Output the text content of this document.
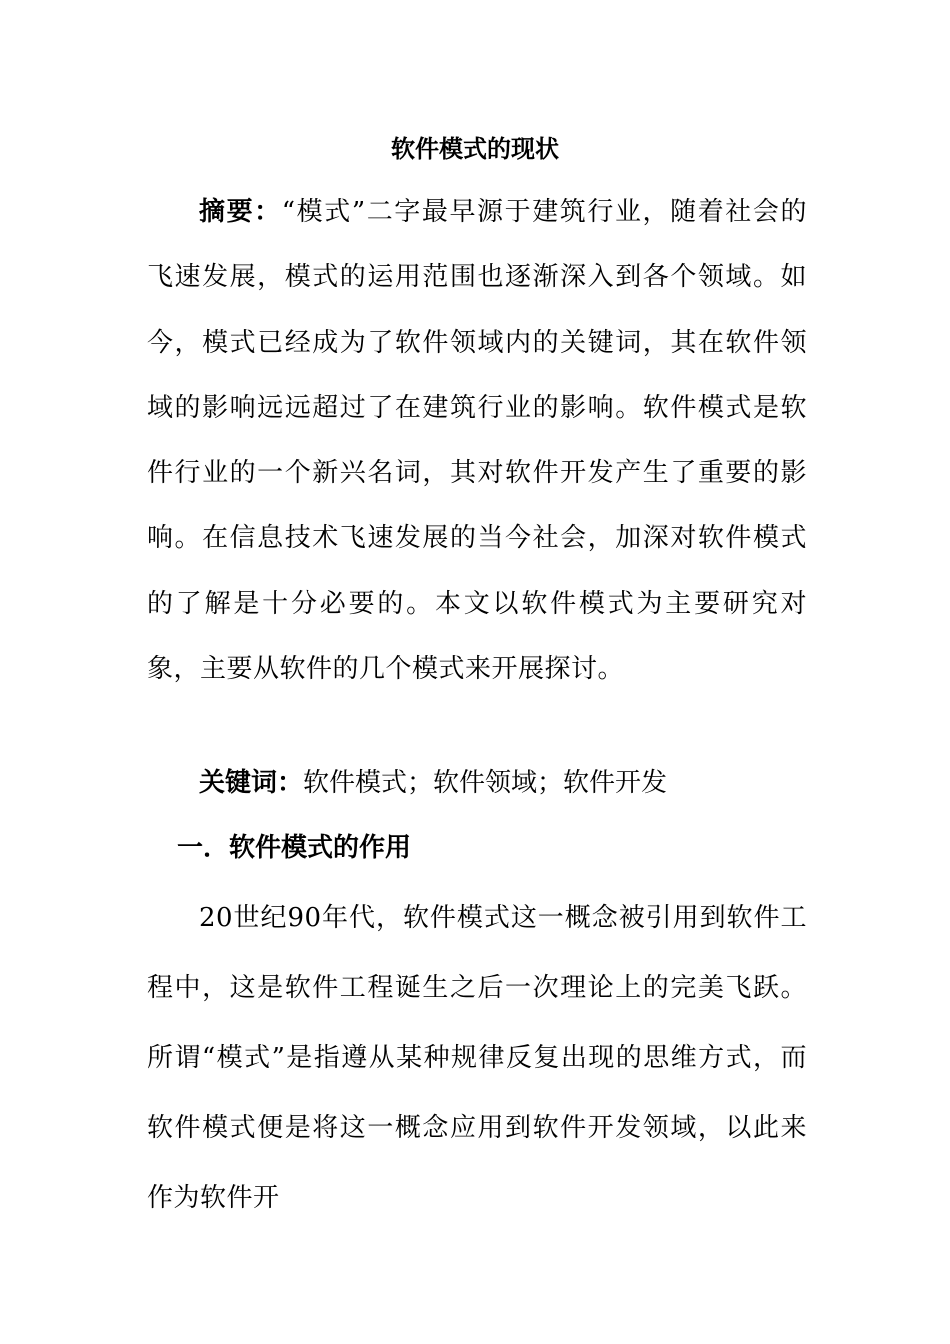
软件模式的现状

摘要：“模式”二字最早源于建筑行业，随着社会的飞速发展，模式的运用范围也逐渐深入到各个领域。如今，模式已经成为了软件领域内的关键词，其在软件领域的影响远远超过了在建筑行业的影响。软件模式是软件行业的一个新兴名词，其对软件开发产生了重要的影响。在信息技术飞速发展的当今社会，加深对软件模式的了解是十分必要的。本文以软件模式为主要研究对象，主要从软件的几个模式来开展探讨。

关键词：软件模式；软件领域；软件开发

一．软件模式的作用

20世纪90年代，软件模式这一概念被引用到软件工程中，这是软件工程诞生之后一次理论上的完美飞跃。所谓“模式”是指遵从某种规律反复出现的思维方式，而软件模式便是将这一概念应用到软件开发领域，以此来作为软件开
